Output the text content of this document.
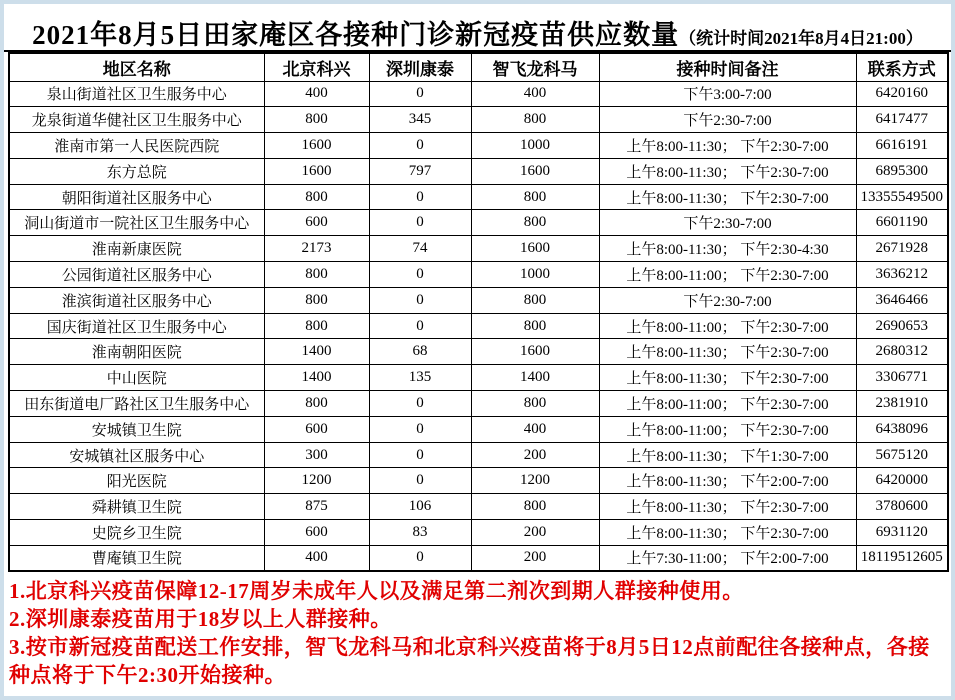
2021年8月5日田家庵区各接种门诊新冠疫苗供应数量（统计时间2021年8月4日21:00）
地区名称	北京科兴	深圳康泰	智飞龙科马	接种时间备注	联系方式
泉山街道社区卫生服务中心	400	0	400	下午3:00-7:00	6420160
龙泉街道华健社区卫生服务中心	800	345	800	下午2:30-7:00	6417477
淮南市第一人民医院西院	1600	0	1000	上午8:00-11:30； 下午2:30-7:00	6616191
东方总院	1600	797	1600	上午8:00-11:30； 下午2:30-7:00	6895300
朝阳街道社区服务中心	800	0	800	上午8:00-11:30； 下午2:30-7:00	13355549500
洞山街道市一院社区卫生服务中心	600	0	800	下午2:30-7:00	6601190
淮南新康医院	2173	74	1600	上午8:00-11:30； 下午2:30-4:30	2671928
公园街道社区服务中心	800	0	1000	上午8:00-11:00； 下午2:30-7:00	3636212
淮滨街道社区服务中心	800	0	800	下午2:30-7:00	3646466
国庆街道社区卫生服务中心	800	0	800	上午8:00-11:00； 下午2:30-7:00	2690653
淮南朝阳医院	1400	68	1600	上午8:00-11:30； 下午2:30-7:00	2680312
中山医院	1400	135	1400	上午8:00-11:30； 下午2:30-7:00	3306771
田东街道电厂路社区卫生服务中心	800	0	800	上午8:00-11:00； 下午2:30-7:00	2381910
安城镇卫生院	600	0	400	上午8:00-11:00； 下午2:30-7:00	6438096
安城镇社区服务中心	300	0	200	上午8:00-11:30； 下午1:30-7:00	5675120
阳光医院	1200	0	1200	上午8:00-11:30； 下午2:00-7:00	6420000
舜耕镇卫生院	875	106	800	上午8:00-11:30； 下午2:30-7:00	3780600
史院乡卫生院	600	83	200	上午8:00-11:30； 下午2:30-7:00	6931120
曹庵镇卫生院	400	0	200	上午7:30-11:00； 下午2:00-7:00	18119512605
1.北京科兴疫苗保障12-17周岁未成年人以及满足第二剂次到期人群接种使用。
2.深圳康泰疫苗用于18岁以上人群接种。
3.按市新冠疫苗配送工作安排，智飞龙科马和北京科兴疫苗将于8月5日12点前配往各接种点，各接种点将于下午2:30开始接种。
